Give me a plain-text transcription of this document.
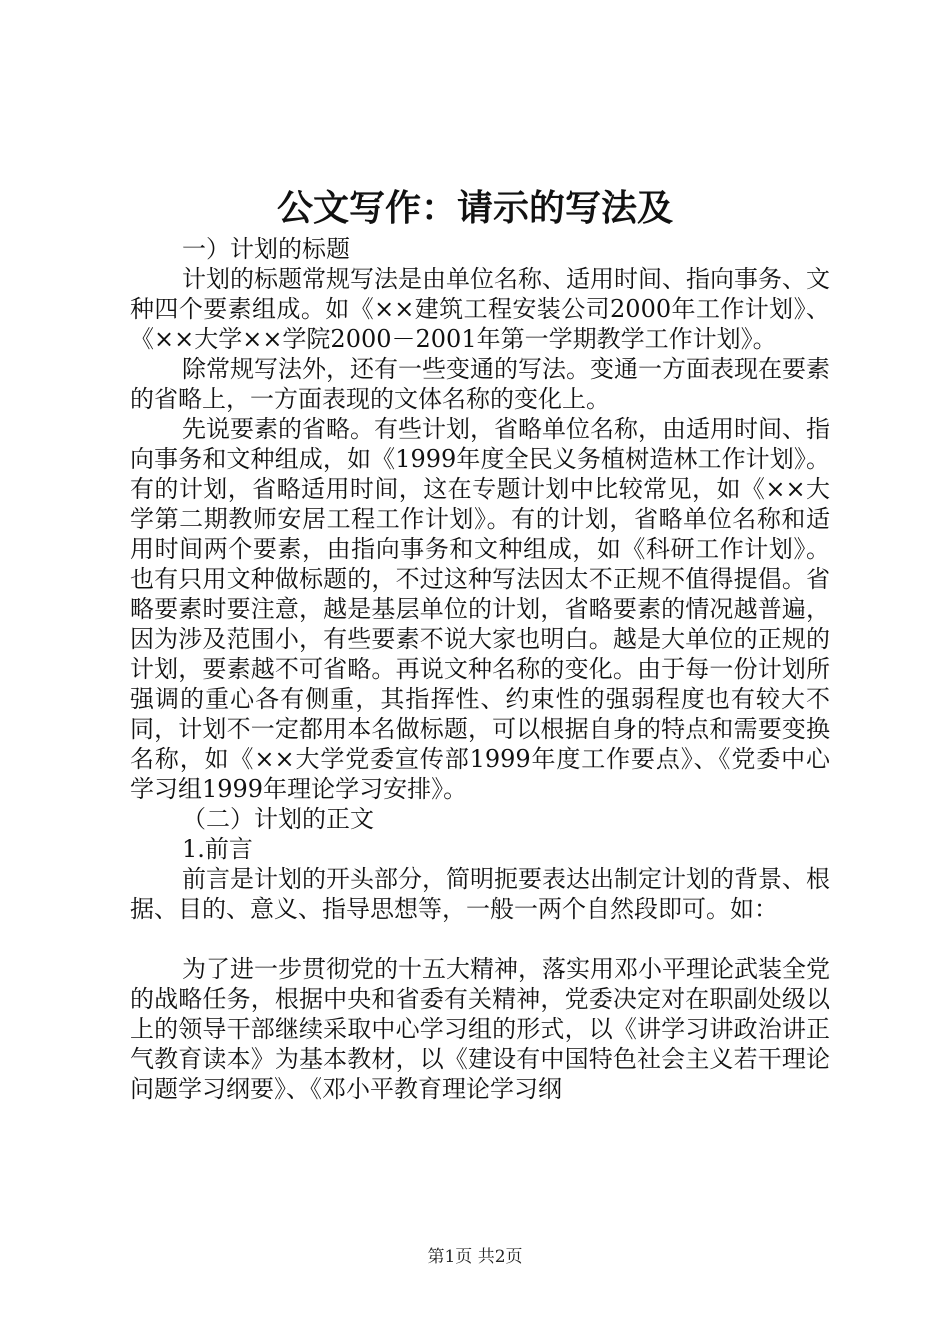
公文写作：请示的写法及

一）计划的标题

计划的标题常规写法是由单位名称、适用时间、指向事务、文种四个要素组成。如《××建筑工程安装公司2000年工作计划》、《××大学××学院2000－2001年第一学期教学工作计划》。

除常规写法外，还有一些变通的写法。变通一方面表现在要素的省略上，一方面表现的文体名称的变化上。

先说要素的省略。有些计划，省略单位名称，由适用时间、指向事务和文种组成，如《1999年度全民义务植树造林工作计划》。有的计划，省略适用时间，这在专题计划中比较常见，如《××大学第二期教师安居工程工作计划》。有的计划，省略单位名称和适用时间两个要素，由指向事务和文种组成，如《科研工作计划》。也有只用文种做标题的，不过这种写法因太不正规不值得提倡。省略要素时要注意，越是基层单位的计划，省略要素的情况越普遍，因为涉及范围小，有些要素不说大家也明白。越是大单位的正规的计划，要素越不可省略。再说文种名称的变化。由于每一份计划所强调的重心各有侧重，其指挥性、约束性的强弱程度也有较大不同，计划不一定都用本名做标题，可以根据自身的特点和需要变换名称，如《××大学党委宣传部1999年度工作要点》、《党委中心学习组1999年理论学习安排》。

（二）计划的正文

1.前言

前言是计划的开头部分，简明扼要表达出制定计划的背景、根据、目的、意义、指导思想等，一般一两个自然段即可。如：

为了进一步贯彻党的十五大精神，落实用邓小平理论武装全党的战略任务，根据中央和省委有关精神，党委决定对在职副处级以上的领导干部继续采取中心学习组的形式，以《讲学习讲政治讲正气教育读本》为基本教材，以《建设有中国特色社会主义若干理论问题学习纲要》、《邓小平教育理论学习纲

第1页 共2页
